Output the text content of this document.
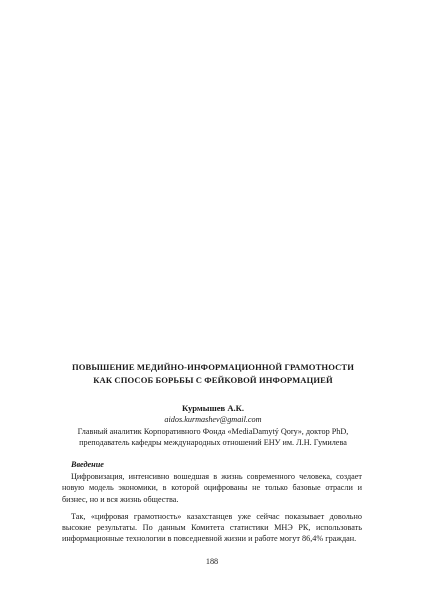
ПОВЫШЕНИЕ МЕДИЙНО-ИНФОРМАЦИОННОЙ ГРАМОТНОСТИ
КАК СПОСОБ БОРЬБЫ С ФЕЙКОВОЙ ИНФОРМАЦИЕЙ
Курмышев А.К.
aidos.kurmashev@gmail.com
Главный аналитик Корпоративного Фонда «MediaDamytý Qory», доктор PhD,
преподаватель кафедры международных отношений ЕНУ им. Л.Н. Гумилева
Введение

Цифровизация, интенсивно вошедшая в жизнь современного человека, создает новую модель экономики, в которой оцифрованы не только базовые отрасли и бизнес, но и вся жизнь общества.

Так, «цифровая грамотность» казахстанцев уже сейчас показывает довольно высокие результаты. По данным Комитета статистики МНЭ РК, использовать информационные технологии в повседневной жизни и работе могут 86,4% граждан.

188
